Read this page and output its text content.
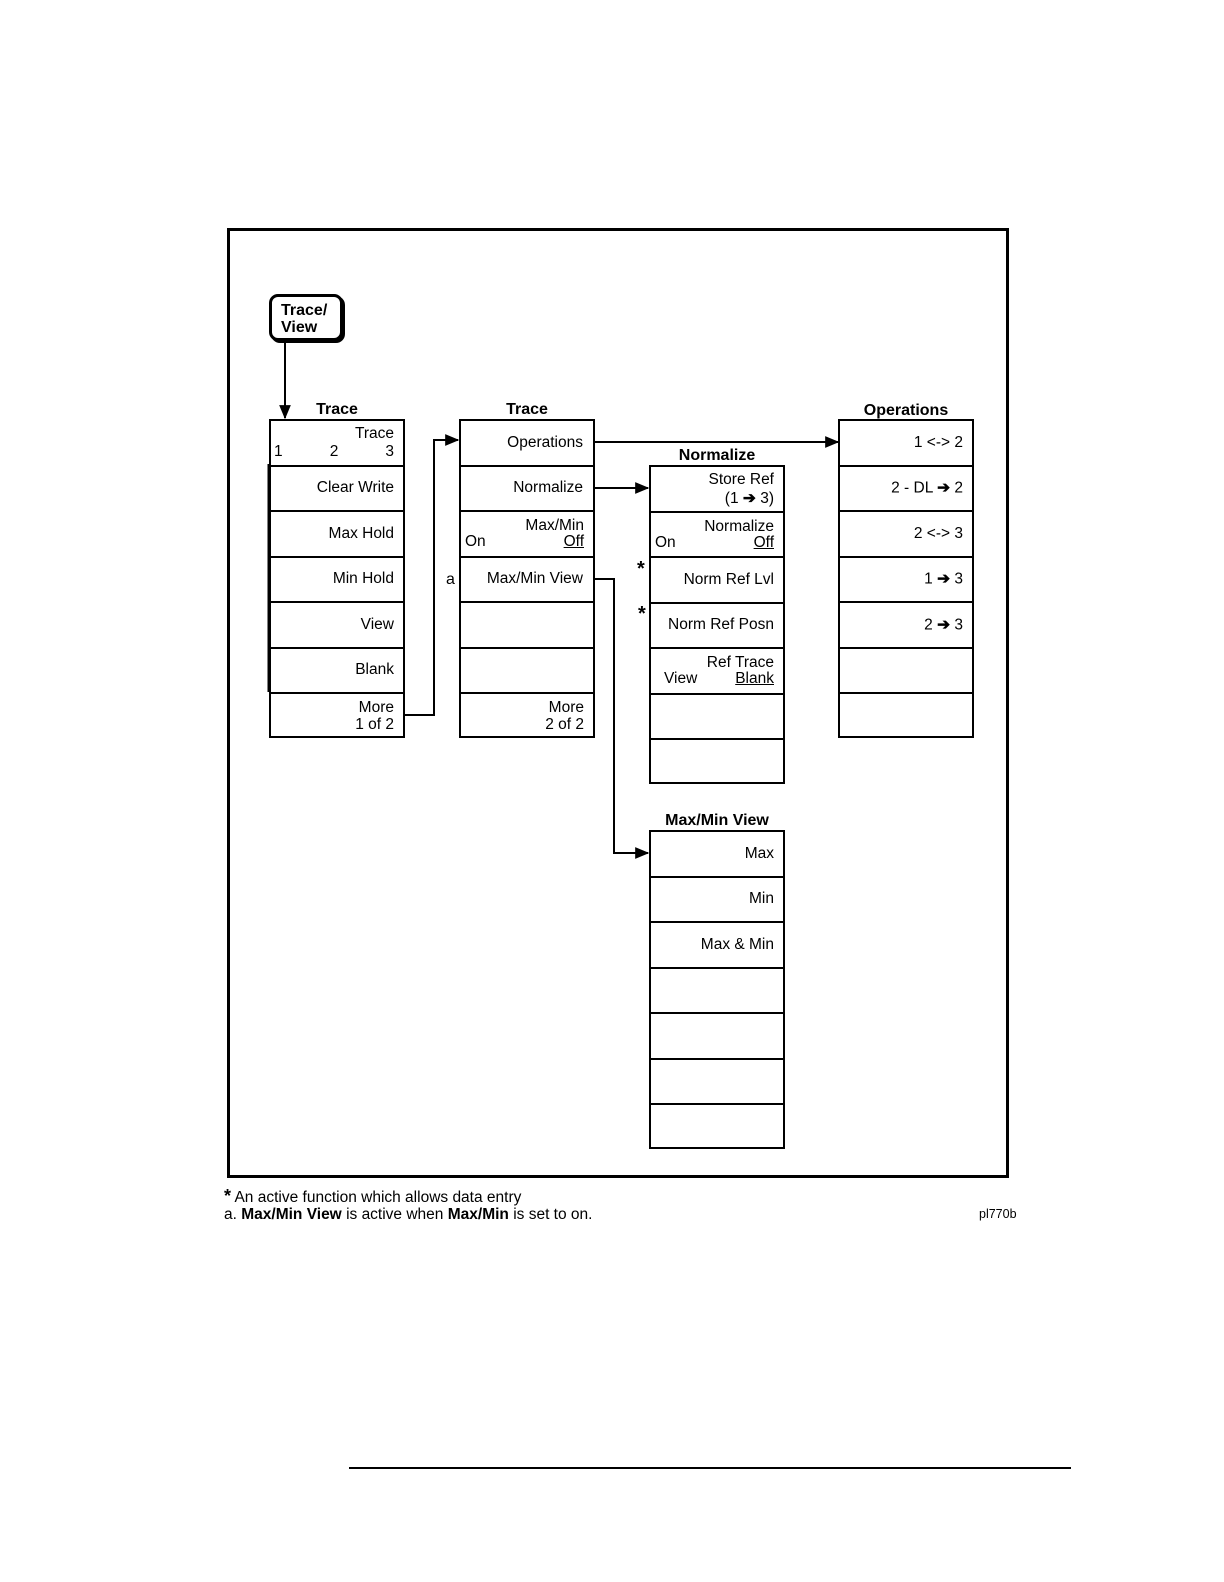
Trace/
View
Trace
Trace
1	2	3
Clear Write
Max Hold
Min Hold
View
Blank
More
1 of 2
Trace
Operations
Normalize
Max/Min
On	Off
Max/Min View
More
2 of 2
a
Normalize
Store Ref
(1 ➔ 3)
Normalize
On	Off
Norm Ref Lvl
Norm Ref Posn
Ref Trace
View Blank
*
*
Operations
1 <-> 2
2 - DL ➔ 2
2 <-> 3
1 ➔ 3
2 ➔ 3
Max/Min View
Max
Min
Max & Min
* An active function which allows data entry
a. Max/Min View is active when Max/Min is set to on.	pl770b
